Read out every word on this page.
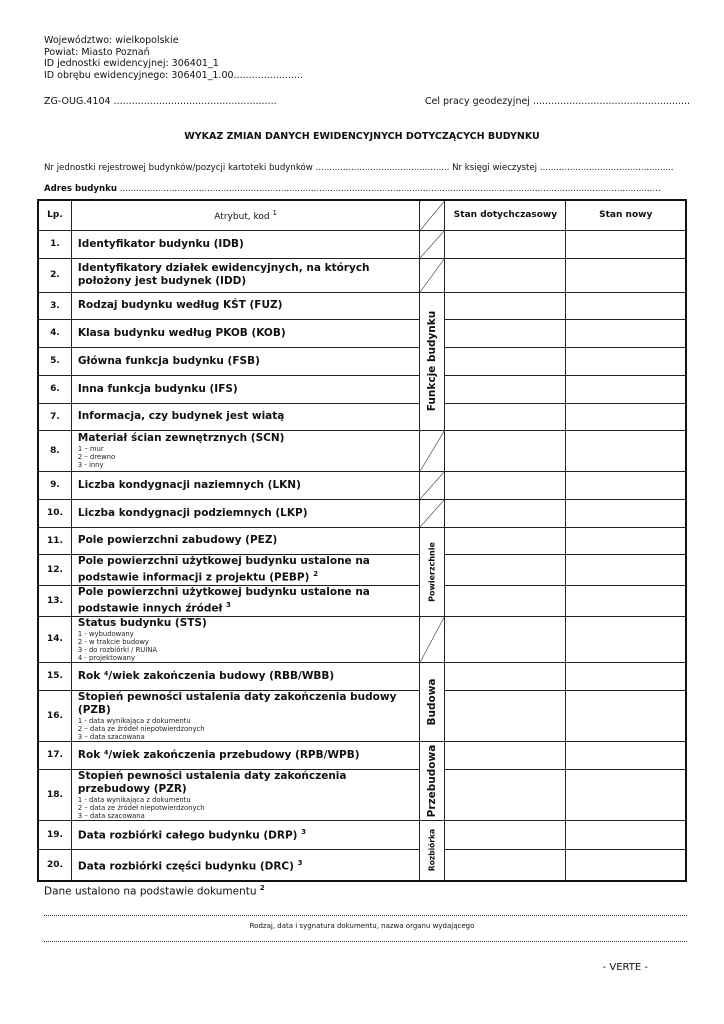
Województwo: wielkopolskie
Powiat: Miasto Poznań
ID jednostki ewidencyjnej: 306401_1
ID obrębu ewidencyjnego: 306401_1.00.......................
ZG-OUG.4104 ......................................................	Cel pracy geodezyjnej ....................................................
WYKAZ ZMIAN DANYCH EWIDENCYJNYCH DOTYCZĄCYCH BUDYNKU
Nr jednostki rejestrowej budynków/pozycji kartoteki budynków ................................................. Nr księgi wieczystej .................................................
Adres budynku ......................................................................................................................................................................................................
Lp.	Atrybut, kod $^1$		Stan dotychczasowy	Stan nowy
1.	Identyfikator budynku (IDB)			

2.	Identyfikatory działek ewidencyjnych, na których położony jest budynek (IDD)			

3.	Rodzaj budynku według KŚT (FUZ)	Funkcje budynku		

4.	Klasa budynku według PKOB (KOB)			

5.	Główna funkcja budynku (FSB)			

6.	Inna funkcja budynku (IFS)			

7.	Informacja, czy budynek jest wiatą			

8.	Materiał ścian zewnętrznych (SCN)
1 – mur
2 – drewno
3 - inny			

9.	Liczba kondygnacji naziemnych (LKN)			

10.	Liczba kondygnacji podziemnych (LKP)			

11.	Pole powierzchni zabudowy (PEZ)	Powierzchnie		

12.	Pole powierzchni użytkowej budynku ustalone na podstawie informacji z projektu (PEBP) $^2$

13.	Pole powierzchni użytkowej budynku ustalone na podstawie innych źródeł $^3$

14.	Status budynku (STS)
1 - wybudowany
2 - w trakcie budowy
3 - do rozbiórki / RUINA
4 - projektowany			

15.	Rok ⁴/wiek zakończenia budowy (RBB/WBB)	Budowa		

16.	Stopień pewności ustalenia daty zakończenia budowy (PZB)
1 - data wynikająca z dokumentu
2 – data ze źródeł niepotwierdzonych
3 – data szacowana			

17.	Rok ⁴/wiek zakończenia przebudowy (RPB/WPB)	Przebudowa		

18.	Stopień pewności ustalenia daty zakończenia przebudowy (PZR)
1 - data wynikająca z dokumentu
2 – data ze źródeł niepotwierdzonych
3 – data szacowana			

19.	Data rozbiórki całego budynku (DRP) $^3$	Rozbiórka		

20.	Data rozbiórki części budynku (DRC) $^3$

Dane ustalono na podstawie dokumentu $^2$
Rodzaj, data i sygnatura dokumentu, nazwa organu wydającego
- VERTE -
